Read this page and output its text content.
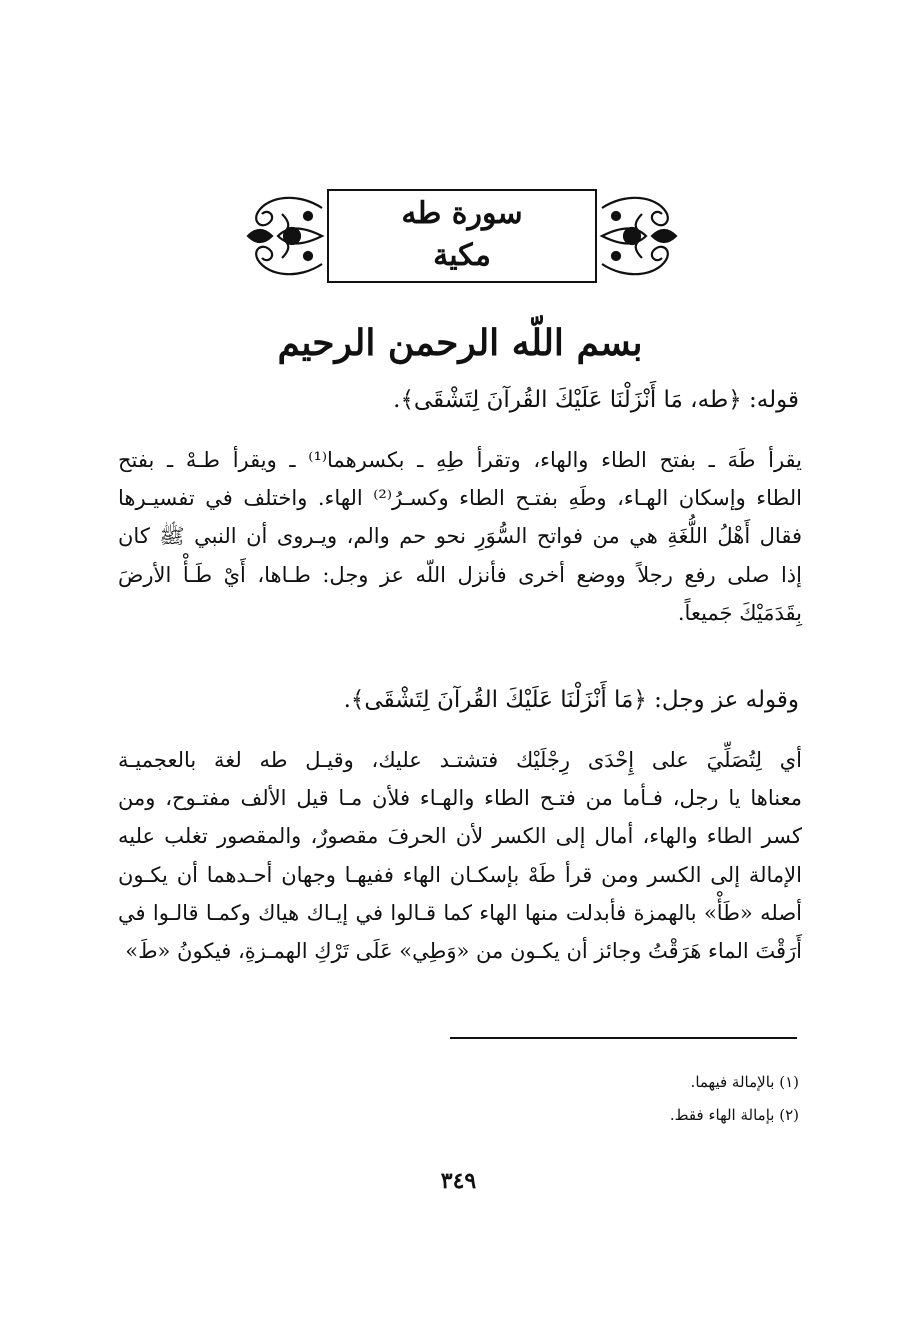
سورة طه
مكية
بسم اللّه الرحمن الرحيم
قوله: ﴿طه، مَا أَنْزَلْنَا عَلَيْكَ القُرآنَ لِتَشْقَى﴾.
يقرأ طَهَ ـ بفتح الطاء والهاء، وتقرأ طِهِ ـ بكسرهما⁽¹⁾ ـ ويقرأ طـهْ ـ بفتح
الطاء وإسكان الهـاء، وطَهِ بفتـح الطاء وكسـرُ⁽²⁾ الهاء. واختلف في تفسيـرها
فقال أَهْلُ اللُّغَةِ هي من فواتح السُّوَرِ نحو حم والم، ويـروى أن النبي ﷺ كان
إذا صلى رفع رجلاً ووضع أخرى فأنزل اللّه عز وجل: طـاها، أَيْ طَـأْ الأرضَ
بِقَدَمَيْكَ جَميعاً.
وقوله عز وجل: ﴿مَا أَنْزَلْنَا عَلَيْكَ القُرآنَ لِتَشْقَى﴾.
أي لِتُصَلِّيَ على إِحْدَى رِجْلَيْك فتشتـد عليك، وقيـل طه لغة بالعجميـة
معناها يا رجل، فـأما من فتـح الطاء والهـاء فلأن مـا قيل الألف مفتـوح، ومن
كسر الطاء والهاء، أمال إلى الكسر لأن الحرفَ مقصورٌ، والمقصور تغلب عليه
الإمالة إلى الكسر ومن قرأ طَهْ بإسكـان الهاء ففيهـا وجهان أحـدهما أن يكـون
أصله «طَأْ» بالهمزة فأبدلت منها الهاء كما قـالوا في إيـاك هياك وكمـا قالـوا في
أَرَقْتَ الماء هَرَقْتُ وجائز أن يكـون من «وَطِي» عَلَى تَرْكِ الهمـزةِ، فيكونُ «طَ»
(١) بالإمالة فيهما.
(٢) بإمالة الهاء فقط.
٣٤٩
